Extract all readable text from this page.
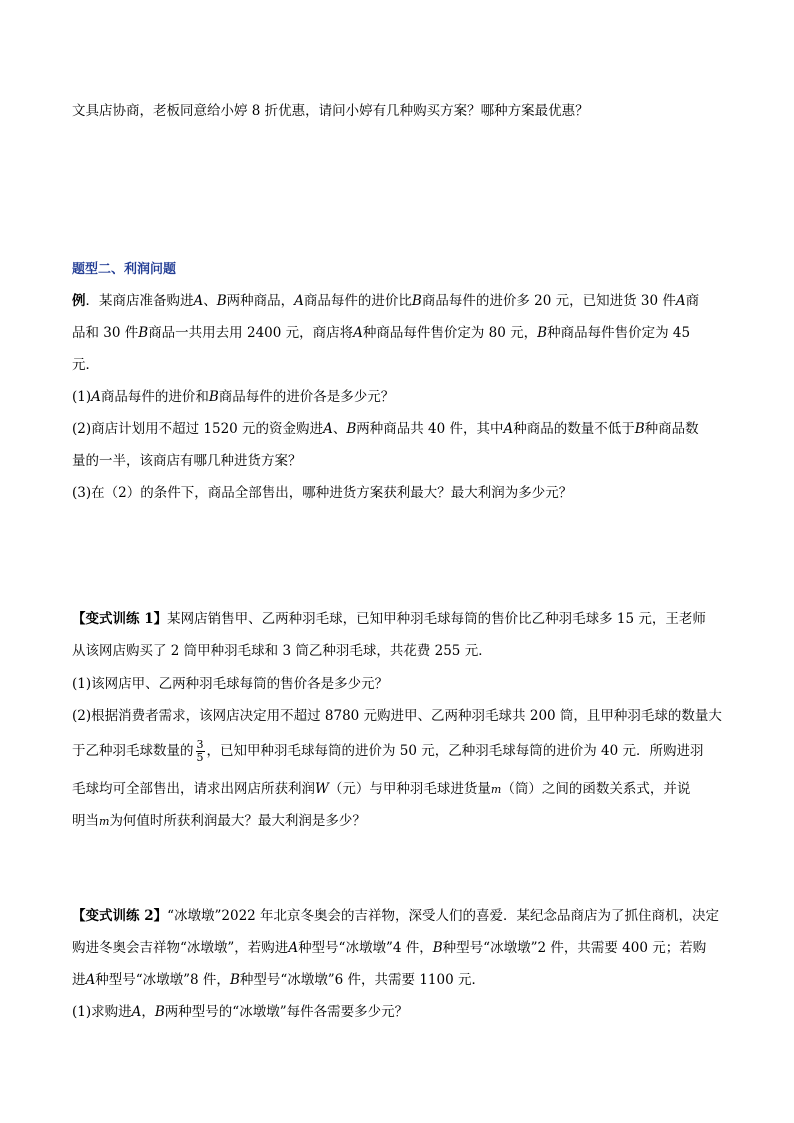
文具店协商，老板同意给小婷 8 折优惠，请问小婷有几种购买方案？哪种方案最优惠？
题型二、利润问题
例．某商店准备购进A、B两种商品，A商品每件的进价比B商品每件的进价多 20 元，已知进货 30 件A商
品和 30 件B商品一共用去用 2400 元，商店将A种商品每件售价定为 80 元，B种商品每件售价定为 45
元．
(1)A商品每件的进价和B商品每件的进价各是多少元？
(2)商店计划用不超过 1520 元的资金购进A、B两种商品共 40 件，其中A种商品的数量不低于B种商品数
量的一半，该商店有哪几种进货方案？
(3)在（2）的条件下，商品全部售出，哪种进货方案获利最大？最大利润为多少元？
【变式训练 1】某网店销售甲、乙两种羽毛球，已知甲种羽毛球每筒的售价比乙种羽毛球多 15 元，王老师
从该网店购买了 2 筒甲种羽毛球和 3 筒乙种羽毛球，共花费 255 元．
(1)该网店甲、乙两种羽毛球每筒的售价各是多少元？
(2)根据消费者需求，该网店决定用不超过 8780 元购进甲、乙两种羽毛球共 200 筒，且甲种羽毛球的数量大
于乙种羽毛球数量的 $\frac{3}{5}$ ，已知甲种羽毛球每筒的进价为 50 元，乙种羽毛球每筒的进价为 40 元．所购进羽
毛球均可全部售出，请求出网店所获利润W（元）与甲种羽毛球进货量m（筒）之间的函数关系式，并说
明当m为何值时所获利润最大？最大利润是多少？
【变式训练 2】“冰墩墩”2022 年北京冬奥会的吉祥物，深受人们的喜爱．某纪念品商店为了抓住商机，决定
购进冬奥会吉祥物“冰墩墩”，若购进A种型号“冰墩墩”4 件，B种型号“冰墩墩”2 件，共需要 400 元；若购
进A种型号“冰墩墩”8 件，B种型号“冰墩墩”6 件，共需要 1100 元．
(1)求购进A，B两种型号的“冰墩墩”每件各需要多少元？
